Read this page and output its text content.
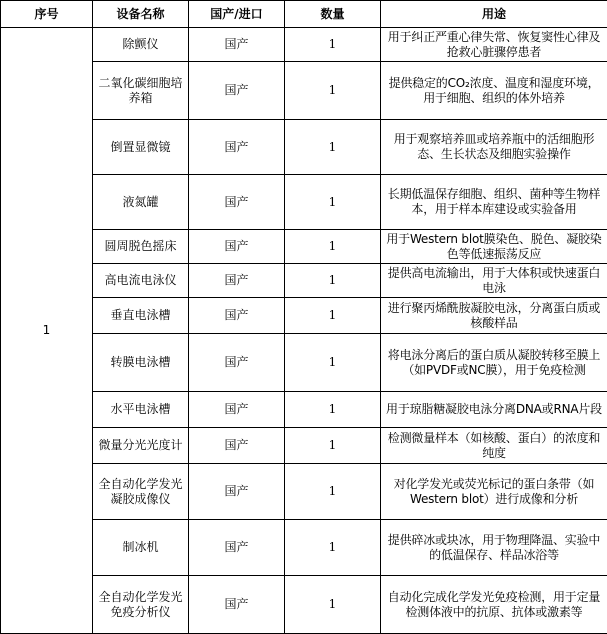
序号	设备名称	国产/进口	数量	用途
1	除颤仪	国产	1	用于纠正严重心律失常、恢复窦性心律及抢救心脏骤停患者
	二氧化碳细胞培养箱	国产	1	提供稳定的CO₂浓度、温度和湿度环境，用于细胞、组织的体外培养
	倒置显微镜	国产	1	用于观察培养皿或培养瓶中的活细胞形态、生长状态及细胞实验操作
	液氮罐	国产	1	长期低温保存细胞、组织、菌种等生物样本，用于样本库建设或实验备用
	圆周脱色摇床	国产	1	用于Western blot膜染色、脱色、凝胶染色等低速振荡反应
	高电流电泳仪	国产	1	提供高电流输出，用于大体积或快速蛋白电泳
	垂直电泳槽	国产	1	进行聚丙烯酰胺凝胶电泳，分离蛋白质或核酸样品
	转膜电泳槽	国产	1	将电泳分离后的蛋白质从凝胶转移至膜上（如PVDF或NC膜），用于免疫检测
	水平电泳槽	国产	1	用于琼脂糖凝胶电泳分离DNA或RNA片段
	微量分光光度计	国产	1	检测微量样本（如核酸、蛋白）的浓度和纯度
	全自动化学发光凝胶成像仪	国产	1	对化学发光或荧光标记的蛋白条带（如Western blot）进行成像和分析
	制冰机	国产	1	提供碎冰或块冰，用于物理降温、实验中的低温保存、样品冰浴等
	全自动化学发光免疫分析仪	国产	1	自动化完成化学发光免疫检测，用于定量检测体液中的抗原、抗体或激素等
